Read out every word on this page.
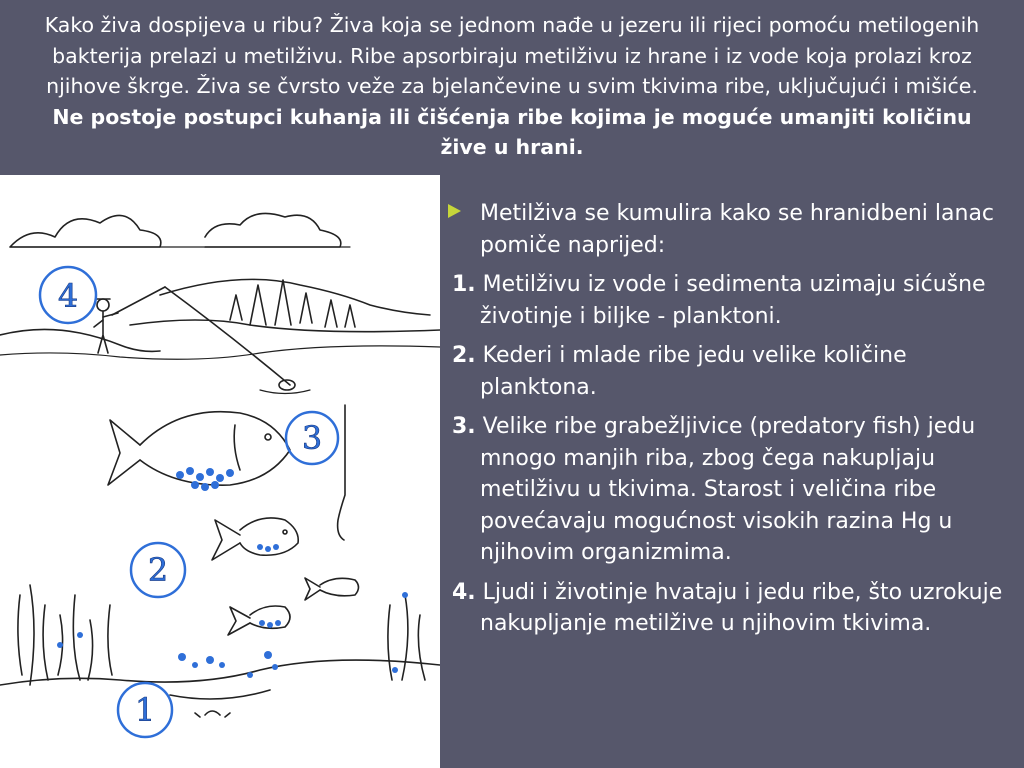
Kako živa dospijeva u ribu? Živa koja se jednom nađe u jezeru ili rijeci pomoću metilogenih bakterija prelazi u metilživu. Ribe apsorbiraju metilživu iz hrane i iz vode koja prolazi kroz njihove škrge. Živa se čvrsto veže za bjelančevine u svim tkivima ribe, uključujući i mišiće. Ne postoje postupci kuhanja ili čišćenja ribe kojima je moguće umanjiti količinu žive u hrani.
4
3
2
1
Metilživa se kumulira kako se hranidbeni lanac pomiče naprijed:
1. Metilživu iz vode i sedimenta uzimaju sićušne životinje i biljke - planktoni.
2. Kederi i mlade ribe jedu velike količine planktona.
3. Velike ribe grabežljivice (predatory fish) jedu mnogo manjih riba, zbog čega nakupljaju metilživu u tkivima. Starost i veličina ribe povećavaju mogućnost visokih razina Hg u njihovim organizmima.
4. Ljudi i životinje hvataju i jedu ribe, što uzrokuje nakupljanje metilžive u njihovim tkivima.
